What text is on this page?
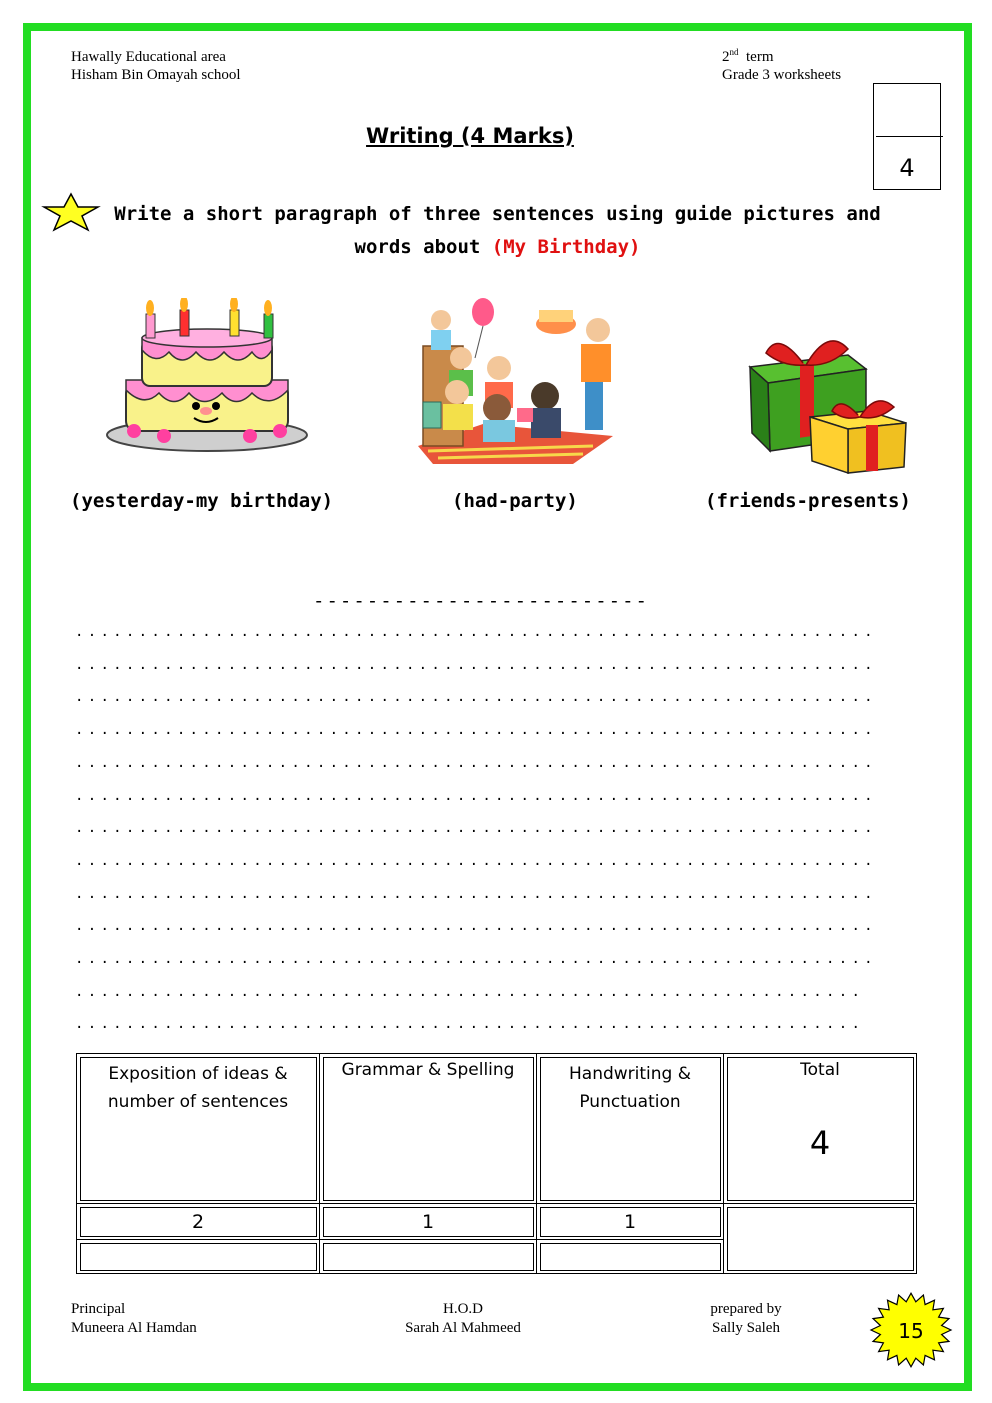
Hawally Educational area
Hisham Bin Omayah school
2nd term
Grade 3 worksheets
4
Writing (4 Marks)
Write a short paragraph of three sentences using guide pictures and words about (My Birthday)
(yesterday-my birthday)	(had-party)	(friends-presents)
-------------------------
...............................................................
...............................................................
...............................................................
...............................................................
...............................................................
...............................................................
...............................................................
...............................................................
...............................................................
...............................................................
...............................................................
..............................................................
..............................................................
Exposition of ideas & number of sentences	Grammar & Spelling	Handwriting & Punctuation	Total
4

2	1	1	

Principal
Muneera Al Hamdan
H.O.D
Sarah Al Mahmeed
prepared by
Sally Saleh	15
